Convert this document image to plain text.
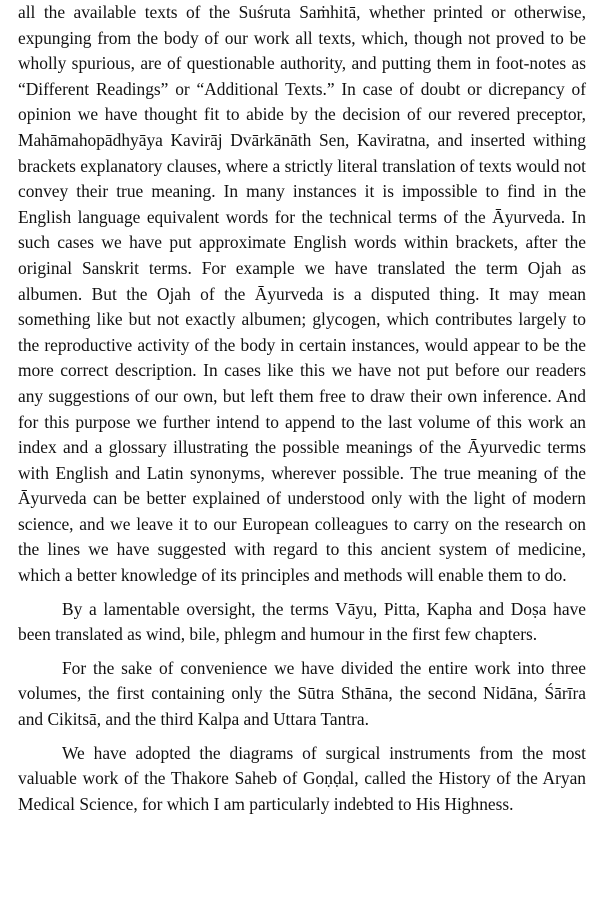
all the available texts of the Suśruta Saṁhitā, whether printed or otherwise, expunging from the body of our work all texts, which, though not proved to be wholly spurious, are of questionable authority, and putting them in foot-notes as “Different Readings” or “Additional Texts.” In case of doubt or dicrepancy of opinion we have thought fit to abide by the decision of our revered preceptor, Mahāmahopādhyāya Kavirāj Dvārkānāth Sen, Kaviratna, and inserted withing brackets explanatory clauses, where a strictly literal translation of texts would not convey their true meaning. In many instances it is impossible to find in the English language equivalent words for the technical terms of the Āyurveda. In such cases we have put approximate English words within brackets, after the original Sanskrit terms. For example we have translated the term Ojah as albumen. But the Ojah of the Āyurveda is a disputed thing. It may mean something like but not exactly albumen; glycogen, which contributes largely to the reproductive activity of the body in certain instances, would appear to be the more correct description. In cases like this we have not put before our readers any suggestions of our own, but left them free to draw their own inference. And for this purpose we further intend to append to the last volume of this work an index and a glossary illustrating the possible meanings of the Āyurvedic terms with English and Latin synonyms, wherever possible. The true meaning of the Āyurveda can be better explained of understood only with the light of modern science, and we leave it to our European colleagues to carry on the research on the lines we have suggested with regard to this ancient system of medicine, which a better knowledge of its principles and methods will enable them to do.

By a lamentable oversight, the terms Vāyu, Pitta, Kapha and Doṣa have been translated as wind, bile, phlegm and humour in the first few chapters.

For the sake of convenience we have divided the entire work into three volumes, the first containing only the Sūtra Sthāna, the second Nidāna, Śārīra and Cikitsā, and the third Kalpa and Uttara Tantra.

We have adopted the diagrams of surgical instruments from the most valuable work of the Thakore Saheb of Goṇḍal, called the History of the Aryan Medical Science, for which I am particularly indebted to His Highness.
